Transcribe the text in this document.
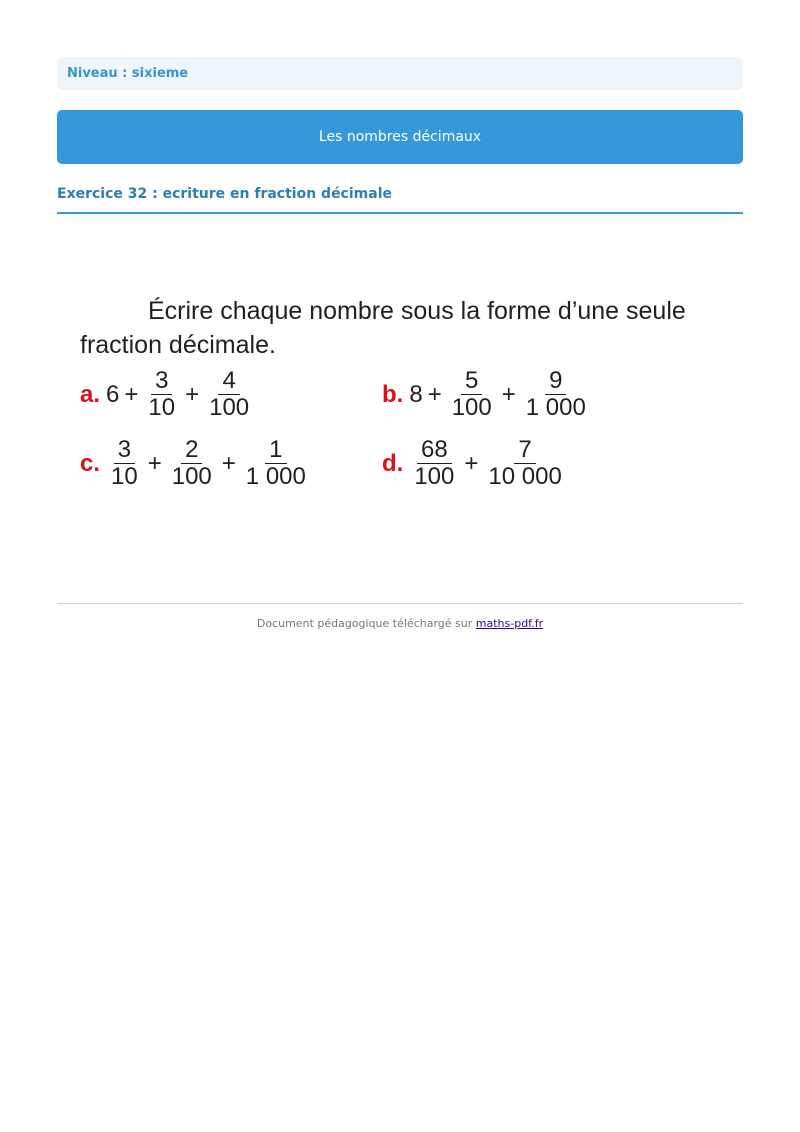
Niveau : sixieme
Les nombres décimaux
Exercice 32 : ecriture en fraction décimale
Écrire chaque nombre sous la forme d’une seule
fraction décimale.
a. $6 + \frac{3}{10} + \frac{4}{100}$	b. $8 + \frac{5}{100} + \frac{9}{1 000}$
c. $\frac{3}{10} + \frac{2}{100} + \frac{1}{1 000}$	d. $\frac{68}{100} + \frac{7}{10 000}$
Document pédagogique téléchargé sur maths-pdf.fr
